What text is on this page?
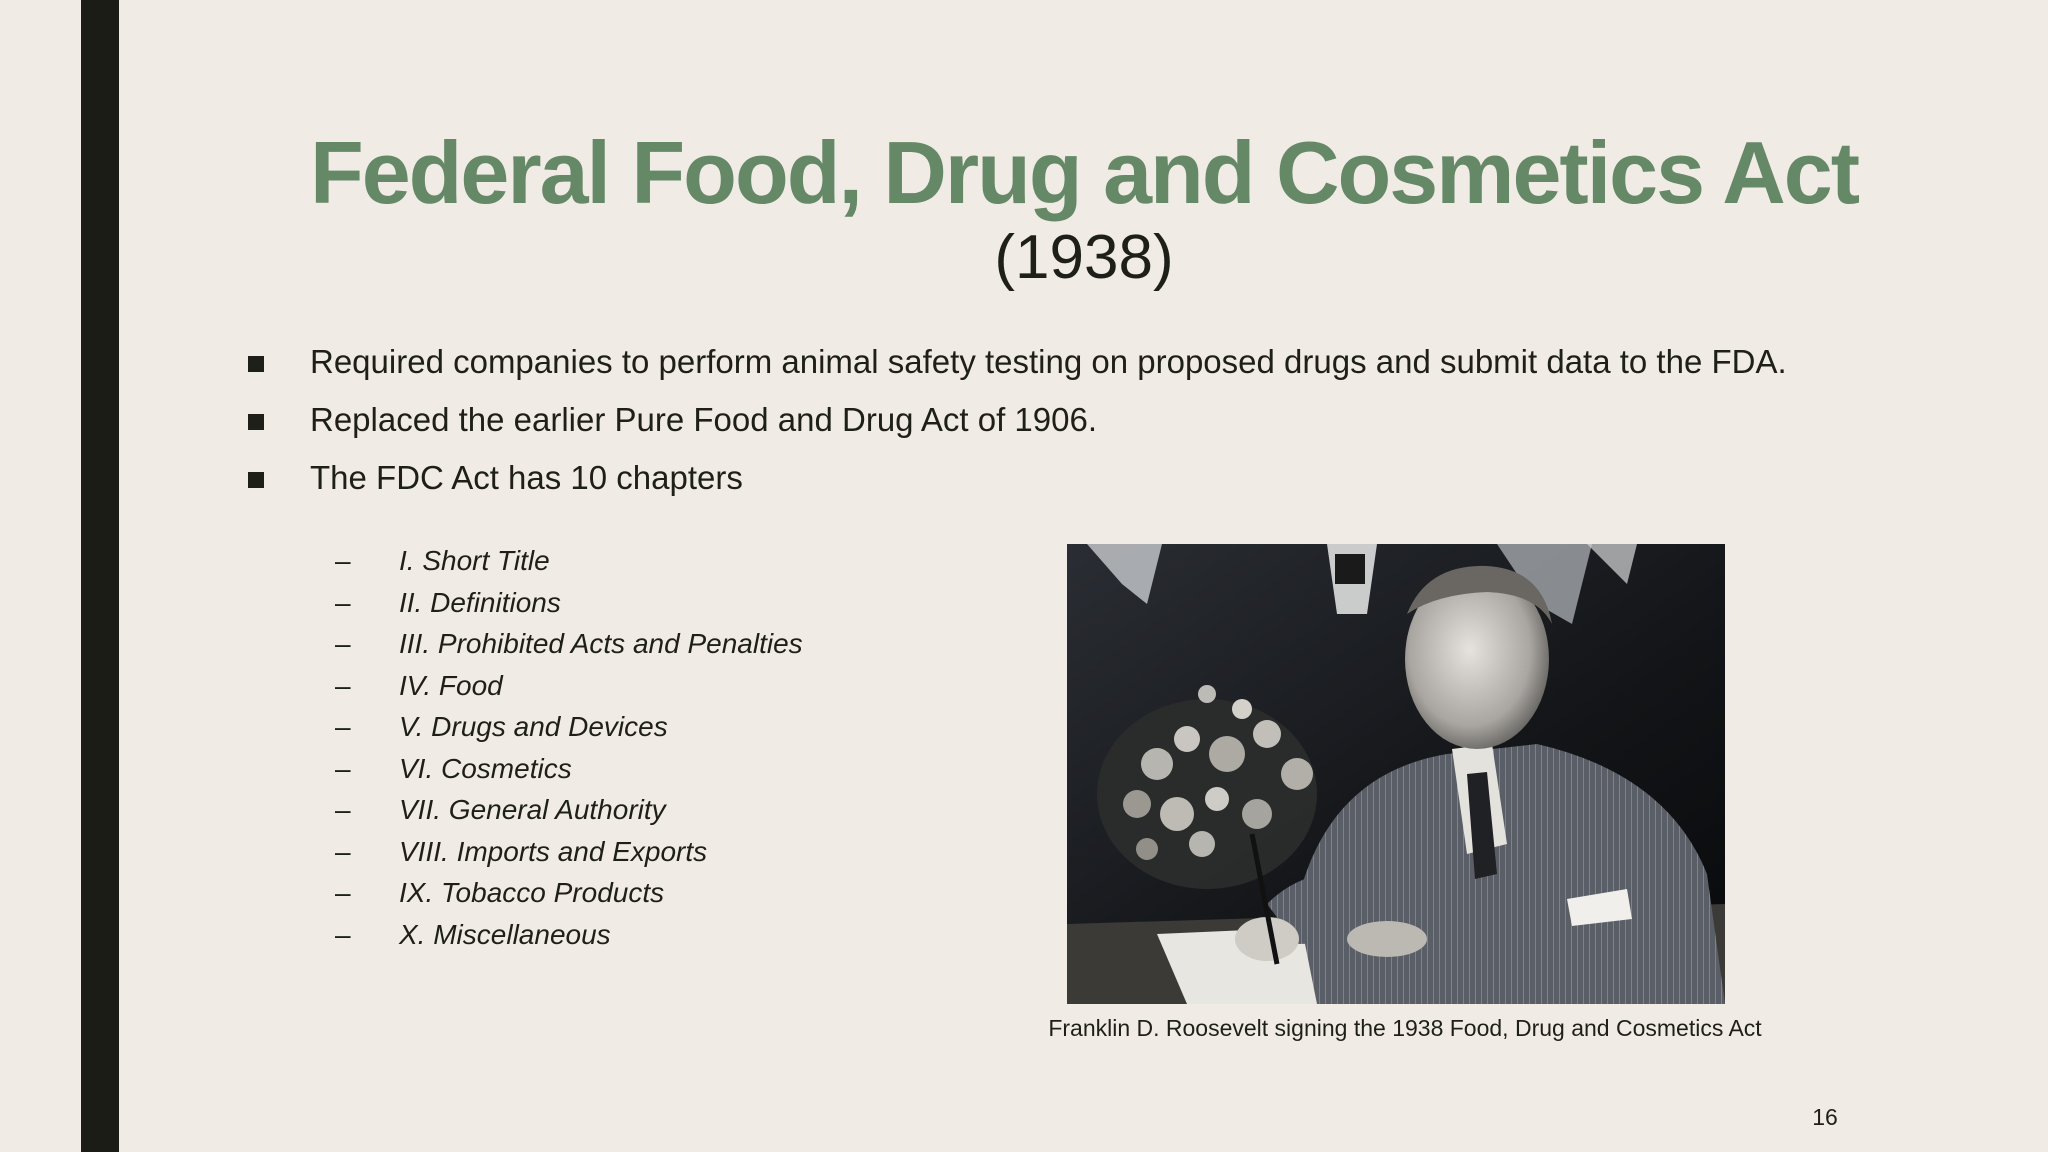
Federal Food, Drug and Cosmetics Act
(1938)
Required companies to perform animal safety testing on proposed drugs and submit data to the FDA.
Replaced the earlier Pure Food and Drug Act of 1906.
The FDC Act has 10 chapters
– I. Short Title
– II. Definitions
– III. Prohibited Acts and Penalties
– IV. Food
– V. Drugs and Devices
– VI. Cosmetics
– VII. General Authority
– VIII. Imports and Exports
– IX. Tobacco Products
– X. Miscellaneous

Franklin D. Roosevelt signing the 1938 Food, Drug and Cosmetics Act

16
